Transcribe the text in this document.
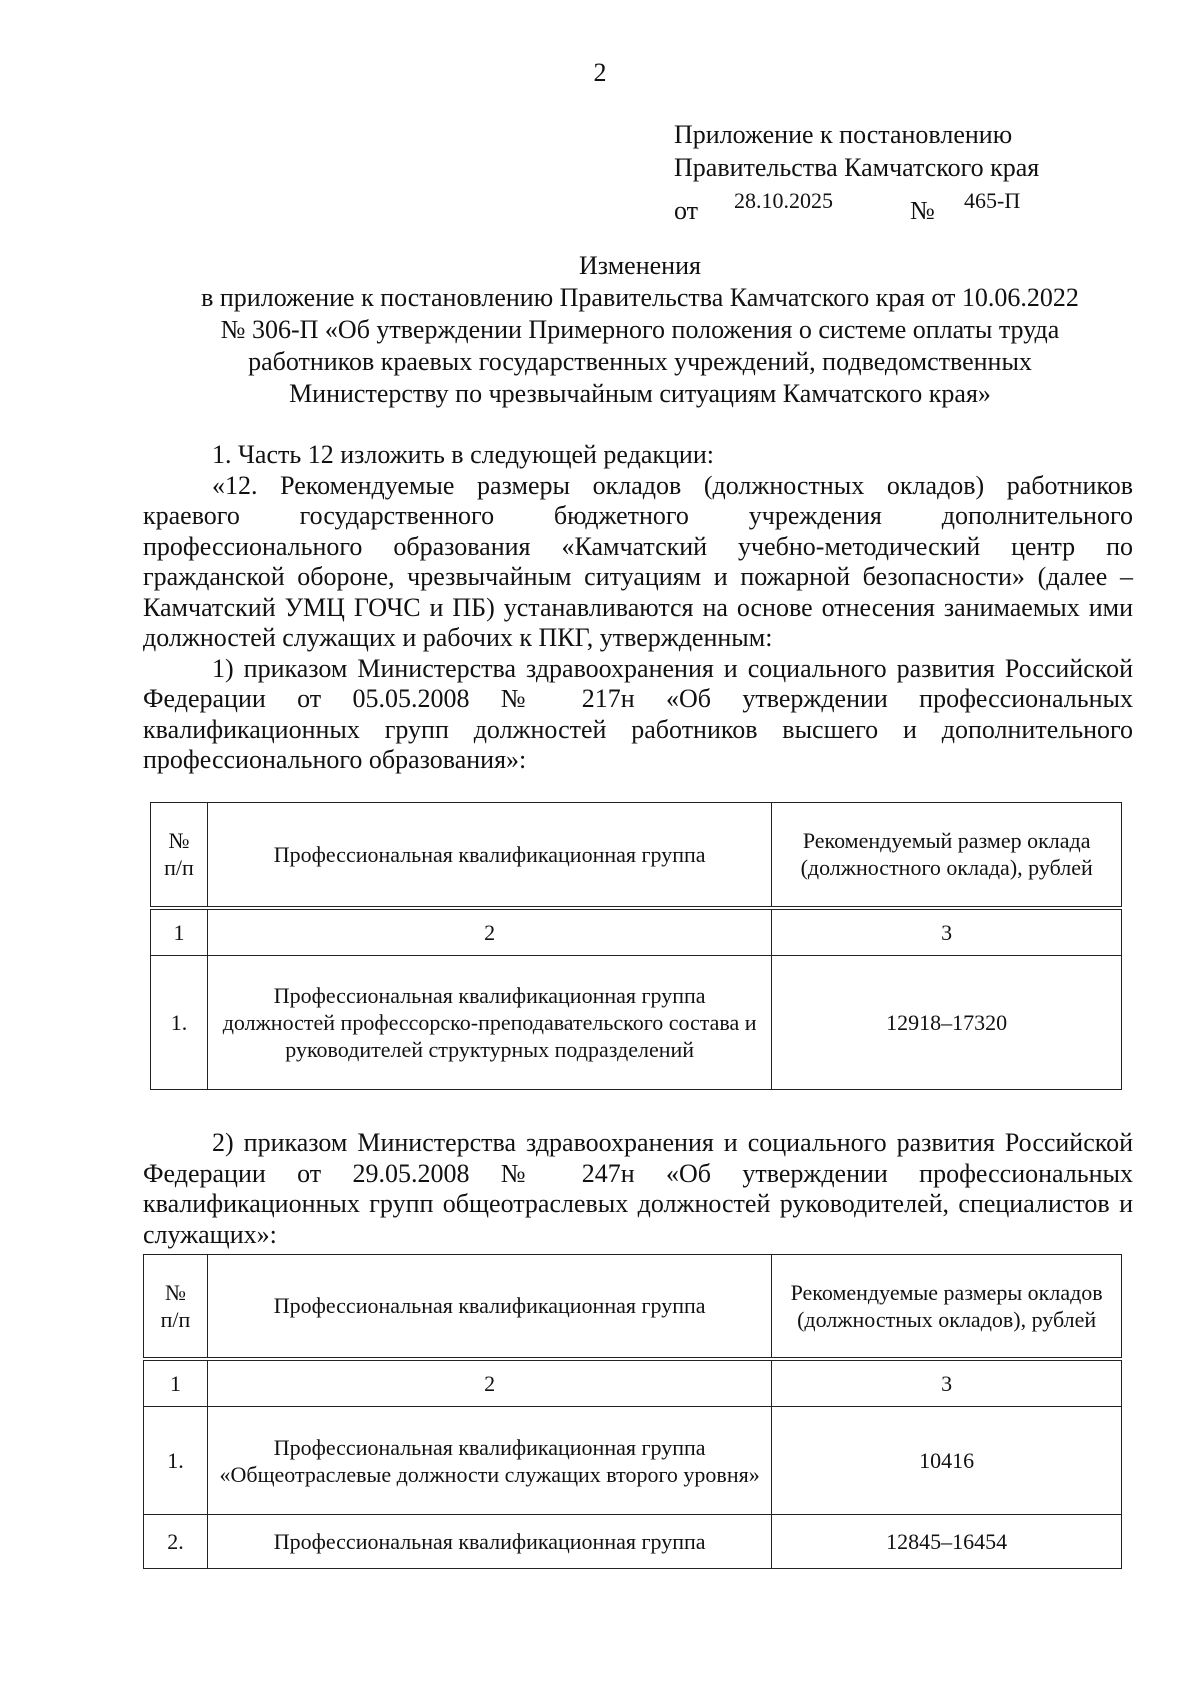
2
Приложение к постановлению
Правительства Камчатского края
от 28.10.2025	№ 465-П
Изменения
в приложение к постановлению Правительства Камчатского края от 10.06.2022
№ 306-П «Об утверждении Примерного положения о системе оплаты труда
работников краевых государственных учреждений, подведомственных
Министерству по чрезвычайным ситуациям Камчатского края»
1. Часть 12 изложить в следующей редакции:
«12. Рекомендуемые размеры окладов (должностных окладов) работников краевого государственного бюджетного учреждения дополнительного профессионального образования «Камчатский учебно-методический центр по гражданской обороне, чрезвычайным ситуациям и пожарной безопасности» (далее – Камчатский УМЦ ГОЧС и ПБ) устанавливаются на основе отнесения занимаемых ими должностей служащих и рабочих к ПКГ, утвержденным:
1) приказом Министерства здравоохранения и социального развития Российской Федерации от 05.05.2008 № 217н «Об утверждении профессиональных квалификационных групп должностей работников высшего и дополнительного профессионального образования»:
№ п/п	Профессиональная квалификационная группа	Рекомендуемый размер оклада (должностного оклада), рублей
1	2	3
1.	Профессиональная квалификационная группа должностей профессорско-преподавательского состава и руководителей структурных подразделений	12918–17320
2) приказом Министерства здравоохранения и социального развития Российской Федерации от 29.05.2008 № 247н «Об утверждении профессиональных квалификационных групп общеотраслевых должностей руководителей, специалистов и служащих»:
№ п/п	Профессиональная квалификационная группа	Рекомендуемые размеры окладов (должностных окладов), рублей
1	2	3
1.	Профессиональная квалификационная группа «Общеотраслевые должности служащих второго уровня»	10416
2.	Профессиональная квалификационная группа	12845–16454
